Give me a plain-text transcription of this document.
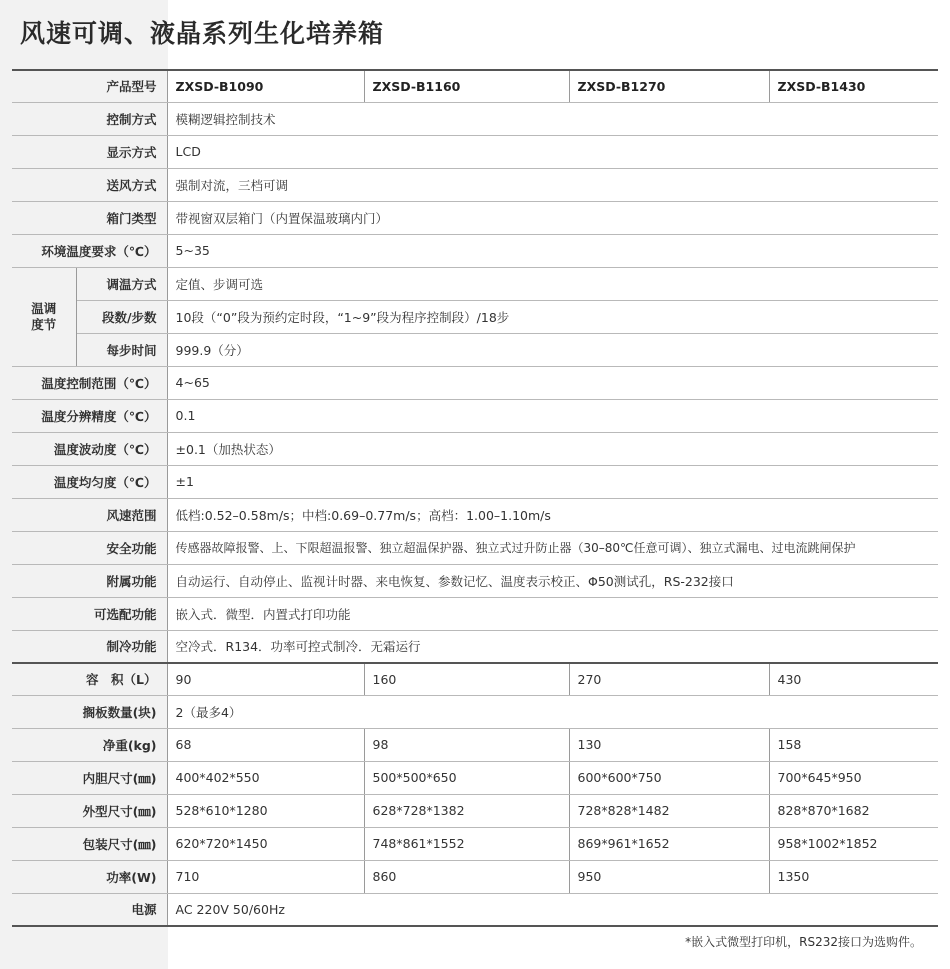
风速可调、液晶系列生化培养箱
产品型号		ZXSD-B1090	ZXSD-B1160	ZXSD-B1270	ZXSD-B1430
控制方式		模糊逻辑控制技术			
显示方式		LCD			
送风方式		强制对流，三档可调			
箱门类型		带视窗双层箱门（内置保温玻璃内门）			
环境温度要求（℃）		5~35			

温调度节	调温方式	定值、步调可选			
	段数/步数	10段（“0”段为预约定时段，“1~9”段为程序控制段）/18步			
	每步时间	999.9（分）			
温度控制范围（℃）		4~65			
温度分辨精度（℃）		0.1			
温度波动度（℃）		±0.1（加热状态）			
温度均匀度（℃）		±1			
风速范围		低档:0.52–0.58m/s；中档:0.69–0.77m/s；高档：1.00–1.10m/s			
安全功能		传感器故障报警、上、下限超温报警、独立超温保护器、独立式过升防止器（30–80℃任意可调）、独立式漏电、过电流跳闸保护			
附属功能		自动运行、自动停止、监视计时器、来电恢复、参数记忆、温度表示校正、Φ50测试孔，RS-232接口			
可选配功能		嵌入式．微型．内置式打印功能			
制冷功能		空冷式．R134．功率可控式制冷．无霜运行			
容　积（L）		90	160	270	430
搁板数量(块)		2（最多4）			
净重(kg)		68	98	130	158
内胆尺寸(㎜)		400*402*550	500*500*650	600*600*750	700*645*950
外型尺寸(㎜)		528*610*1280	628*728*1382	728*828*1482	828*870*1682
包装尺寸(㎜)		620*720*1450	748*861*1552	869*961*1652	958*1002*1852
功率(W)		710	860	950	1350
电源		AC 220V 50/60Hz			
*嵌入式微型打印机，RS232接口为选购件。
